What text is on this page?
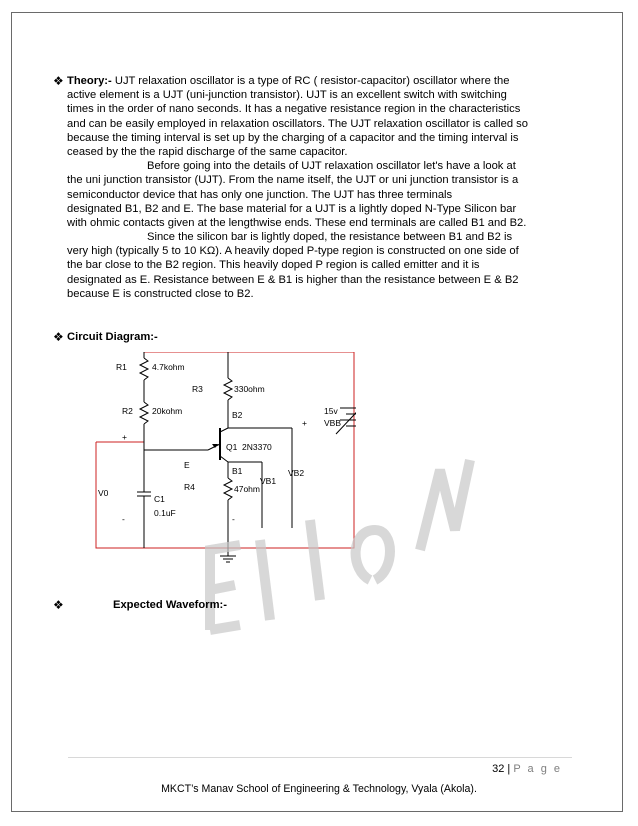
❖ Theory:- UJT relaxation oscillator is a type of RC ( resistor-capacitor) oscillator where the
active element is a UJT (uni-junction transistor). UJT is an excellent switch with switching
times in the order of nano seconds. It has a negative resistance region in the characteristics
and can be easily employed in relaxation oscillators. The UJT relaxation oscillator is called so
because the timing interval is set up by the charging of a capacitor and the timing interval is
ceased by the the rapid discharge of the same capacitor.
Before going into the details of UJT relaxation oscillator let's have a look at
the uni junction transistor (UJT). From the name itself, the UJT or uni junction transistor is a
semiconductor device that has only one junction. The UJT has three terminals
designated B1, B2 and E. The base material for a UJT is a lightly doped N-Type Silicon bar
with ohmic contacts given at the lengthwise ends. These end terminals are called B1 and B2.
Since the silicon bar is lightly doped, the resistance between B1 and B2 is
very high (typically 5 to 10 KΩ). A heavily doped P-type region is constructed on one side of
the bar close to the B2 region. This heavily doped P region is called emitter and it is
designated as E. Resistance between E & B1 is higher than the resistance between E & B2
because E is constructed close to B2.
❖ Circuit Diagram:-
R1	4.7kohm
R2 20kohm
R3	330ohm
B2
Q1 2N3370
E
B1
R4	47ohm
VB1
VB2
C1
0.1uF
V0
15v
VBB
+
+
-	-
❖	Expected Waveform:-
32 | P a g e
MKCT’s Manav School of Engineering & Technology, Vyala (Akola).
